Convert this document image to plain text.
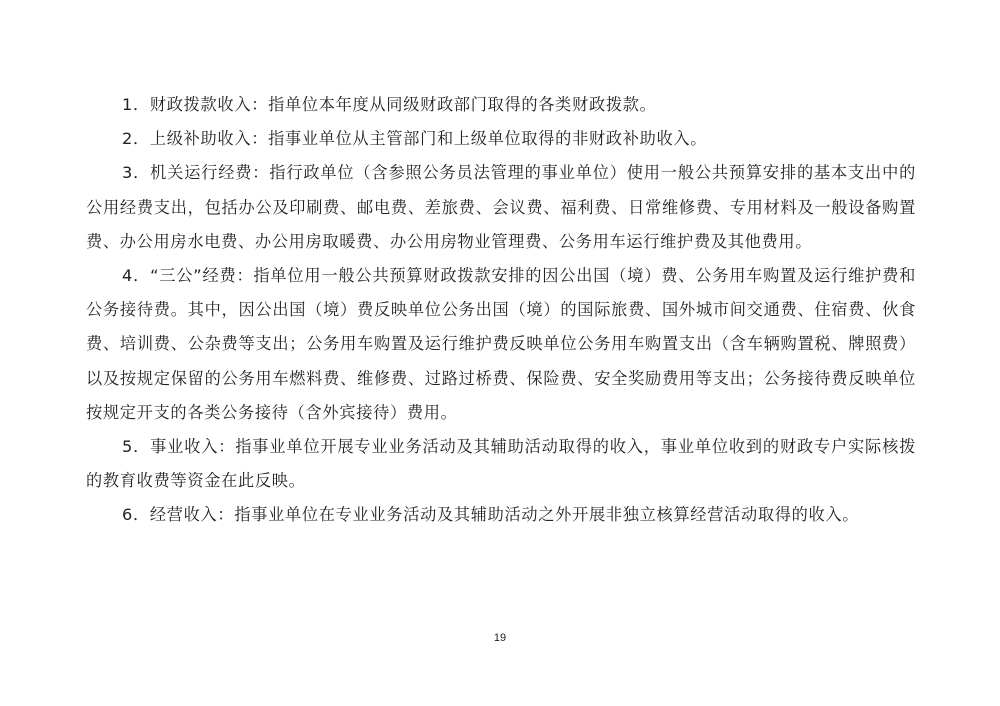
1．财政拨款收入：指单位本年度从同级财政部门取得的各类财政拨款。

2．上级补助收入：指事业单位从主管部门和上级单位取得的非财政补助收入。

3．机关运行经费：指行政单位（含参照公务员法管理的事业单位）使用一般公共预算安排的基本支出中的公用经费支出，包括办公及印刷费、邮电费、差旅费、会议费、福利费、日常维修费、专用材料及一般设备购置费、办公用房水电费、办公用房取暖费、办公用房物业管理费、公务用车运行维护费及其他费用。

4．“三公”经费：指单位用一般公共预算财政拨款安排的因公出国（境）费、公务用车购置及运行维护费和公务接待费。其中，因公出国（境）费反映单位公务出国（境）的国际旅费、国外城市间交通费、住宿费、伙食费、培训费、公杂费等支出；公务用车购置及运行维护费反映单位公务用车购置支出（含车辆购置税、牌照费）以及按规定保留的公务用车燃料费、维修费、过路过桥费、保险费、安全奖励费用等支出；公务接待费反映单位按规定开支的各类公务接待（含外宾接待）费用。

5．事业收入：指事业单位开展专业业务活动及其辅助活动取得的收入，事业单位收到的财政专户实际核拨的教育收费等资金在此反映。

6．经营收入：指事业单位在专业业务活动及其辅助活动之外开展非独立核算经营活动取得的收入。

19
